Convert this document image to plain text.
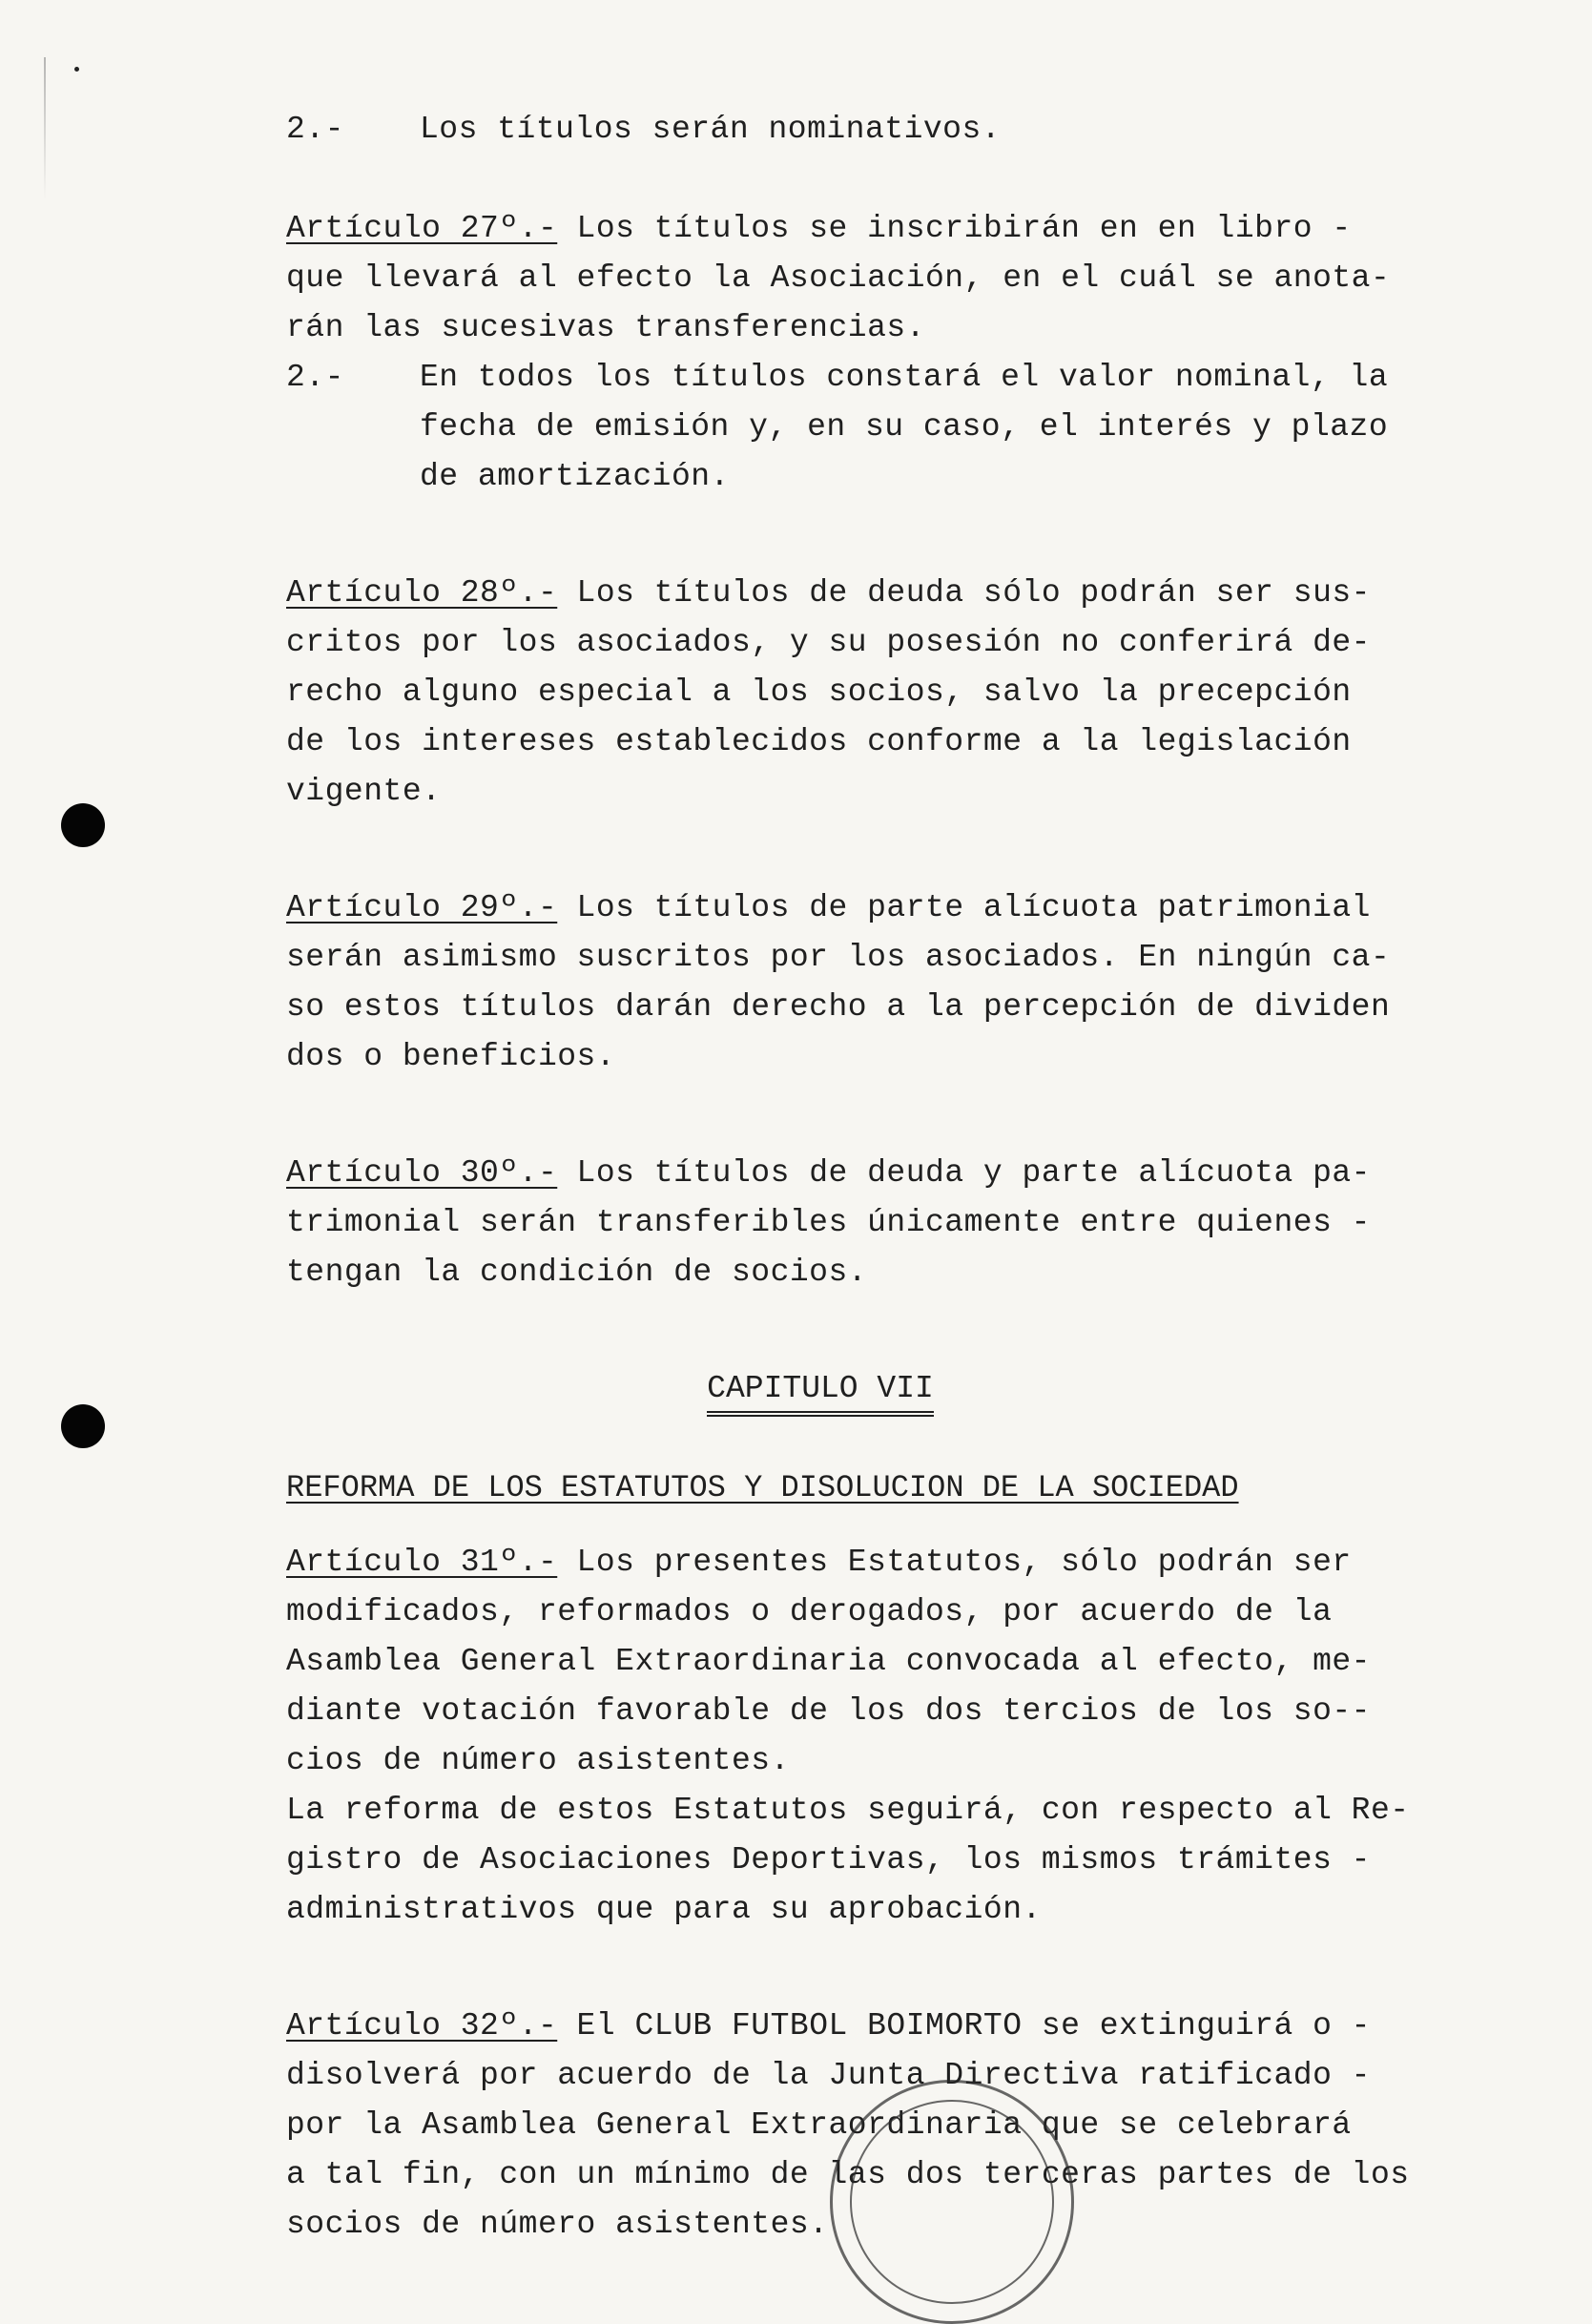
2.- Los títulos serán nominativos.
Artículo 27º.- Los títulos se inscribirán en en libro -
que llevará al efecto la Asociación, en el cuál se anota-
rán las sucesivas transferencias.
2.- En todos los títulos constará el valor nominal, la
fecha de emisión y, en su caso, el interés y plazo
de amortización.
Artículo 28º.- Los títulos de deuda sólo podrán ser sus-
critos por los asociados, y su posesión no conferirá de-
recho alguno especial a los socios, salvo la precepción
de los intereses establecidos conforme a la legislación
vigente.
Artículo 29º.- Los títulos de parte alícuota patrimonial
serán asimismo suscritos por los asociados. En ningún ca-
so estos títulos darán derecho a la percepción de dividen
dos o beneficios.
Artículo 30º.- Los títulos de deuda y parte alícuota pa-
trimonial serán transferibles únicamente entre quienes -
tengan la condición de socios.
CAPITULO VII
REFORMA DE LOS ESTATUTOS Y DISOLUCION DE LA SOCIEDAD
Artículo 31º.- Los presentes Estatutos, sólo podrán ser
modificados, reformados o derogados, por acuerdo de la
Asamblea General Extraordinaria convocada al efecto, me-
diante votación favorable de los dos tercios de los so--
cios de número asistentes.
La reforma de estos Estatutos seguirá, con respecto al Re-
gistro de Asociaciones Deportivas, los mismos trámites -
administrativos que para su aprobación.
Artículo 32º.- El CLUB FUTBOL BOIMORTO se extinguirá o -
disolverá por acuerdo de la Junta Directiva ratificado -
por la Asamblea General Extraordinaria que se celebrará
a tal fin, con un mínimo de las dos terceras partes de los
socios de número asistentes.
